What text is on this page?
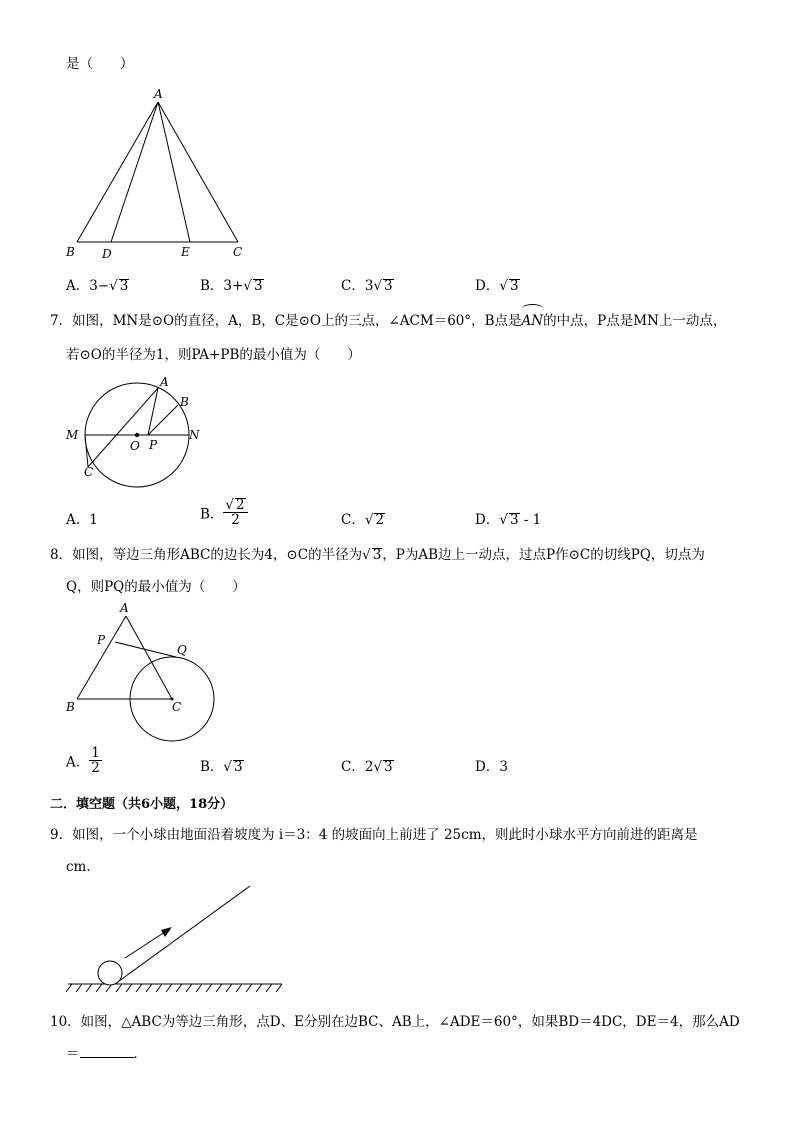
是（　　）
A
B D	E	C
A．3−√ 3	B．3+√ 3	C．3√ 3	D．√ 3
7．如图，MN是⊙O的直径，A，B，C是⊙O上的三点，∠ACM＝60°，B点是
AN的中点，P点是MN上一动点，
若⊙O的半径为1，则PA+PB的最小值为（　　）
A
B
M	N
O P
C
A．1	B． $\frac{√ 2}{2}$	C．√ 2	D．√ 3 - 1
8．如图，等边三角形ABC的边长为4，⊙C的半径为√ 3，P为AB边上一动点，过点P作⊙C的切线PQ，切点为
Q，则PQ的最小值为（　　）
A
P
Q
B	C
A． $\frac{1}{2}$	B．√ 3	C．2√ 3	D．3
二．填空题（共6小题，18分）
9．如图，一个小球由地面沿着坡度为 i＝3：4 的坡面向上前进了 25cm，则此时小球水平方向前进的距离是
cm．
10．如图，△ABC为等边三角形，点D、E分别在边BC、AB上，∠ADE＝60°，如果BD＝4DC，DE＝4，那么AD
＝	．
